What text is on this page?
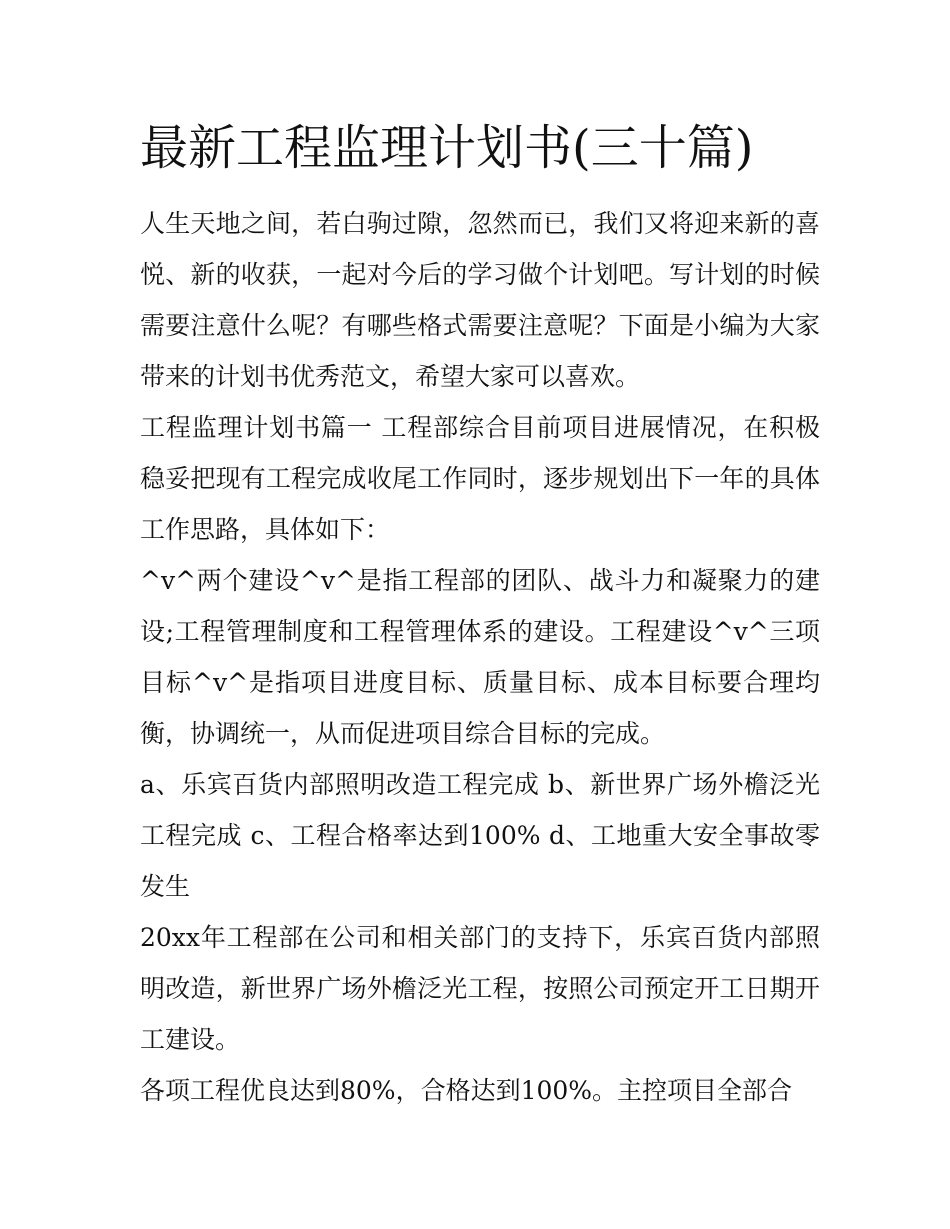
最新工程监理计划书(三十篇)

人生天地之间，若白驹过隙，忽然而已，我们又将迎来新的喜悦、新的收获，一起对今后的学习做个计划吧。写计划的时候需要注意什么呢？有哪些格式需要注意呢？下面是小编为大家带来的计划书优秀范文，希望大家可以喜欢。

工程监理计划书篇一 工程部综合目前项目进展情况，在积极稳妥把现有工程完成收尾工作同时，逐步规划出下一年的具体工作思路，具体如下：

^v^两个建设^v^是指工程部的团队、战斗力和凝聚力的建设;工程管理制度和工程管理体系的建设。工程建设^v^三项目标^v^是指项目进度目标、质量目标、成本目标要合理均衡，协调统一，从而促进项目综合目标的完成。

a、乐宾百货内部照明改造工程完成 b、新世界广场外檐泛光工程完成 c、工程合格率达到100% d、工地重大安全事故零发生

20xx年工程部在公司和相关部门的支持下，乐宾百货内部照明改造，新世界广场外檐泛光工程，按照公司预定开工日期开工建设。

各项工程优良达到80%，合格达到100%。主控项目全部合
